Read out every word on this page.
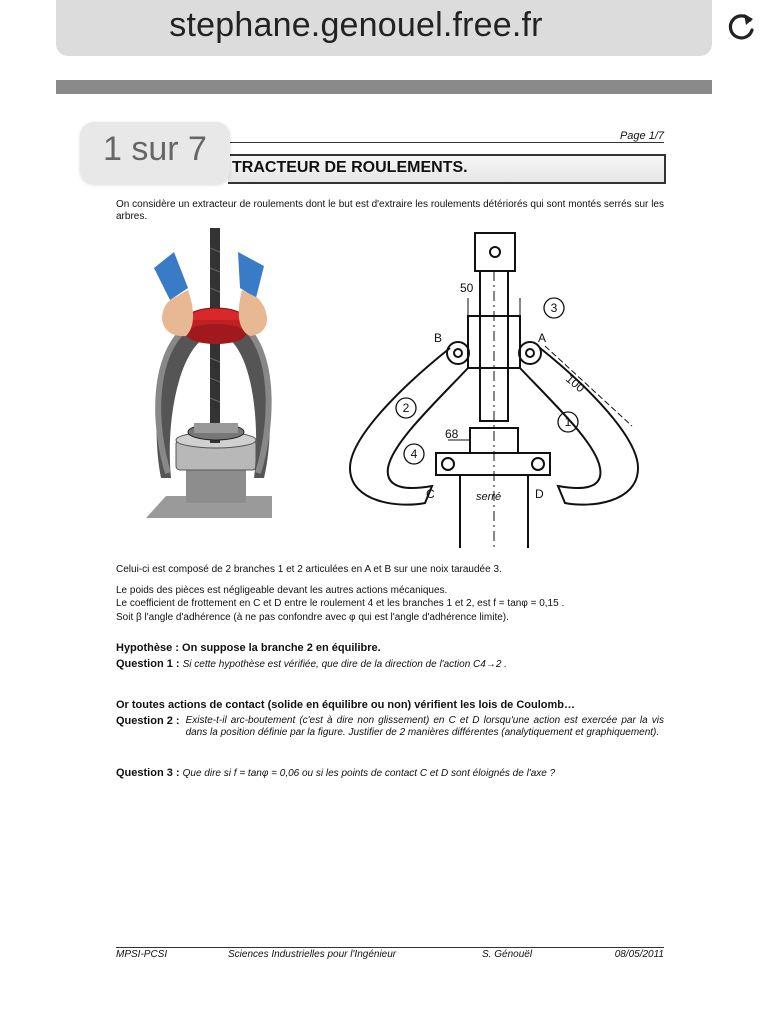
stephane.genouel.free.fr
Page 1/7
TRACTEUR DE ROULEMENTS.
1 sur 7
On considère un extracteur de roulements dont le but est d'extraire les roulements détériorés qui sont montés serrés sur les arbres.
50
100
68
B	A
C	D
serré
1
2
3
4
Celui-ci est composé de 2 branches 1 et 2 articulées en A et B sur une noix taraudée 3.
Le poids des pièces est négligeable devant les autres actions mécaniques.
Le coefficient de frottement en C et D entre le roulement 4 et les branches 1 et 2, est f = tanφ = 0,15 .
Soit β l'angle d'adhérence (à ne pas confondre avec φ qui est l'angle d'adhérence limite).
Hypothèse : On suppose la branche 2 en équilibre.
Question 1 : Si cette hypothèse est vérifiée, que dire de la direction de l'action C4→2 .
Or toutes actions de contact (solide en équilibre ou non) vérifient les lois de Coulomb…
Question 2 : Existe-t-il arc-boutement (c'est à dire non glissement) en C et D lorsqu'une action est exercée par la vis dans la position définie par la figure. Justifier de 2 manières différentes (analytiquement et graphiquement).
Question 3 : Que dire si f = tanφ = 0,06 ou si les points de contact C et D sont éloignés de l'axe ?
MPSI-PCSI	Sciences Industrielles pour l'Ingénieur	S. Génouël	08/05/2011
